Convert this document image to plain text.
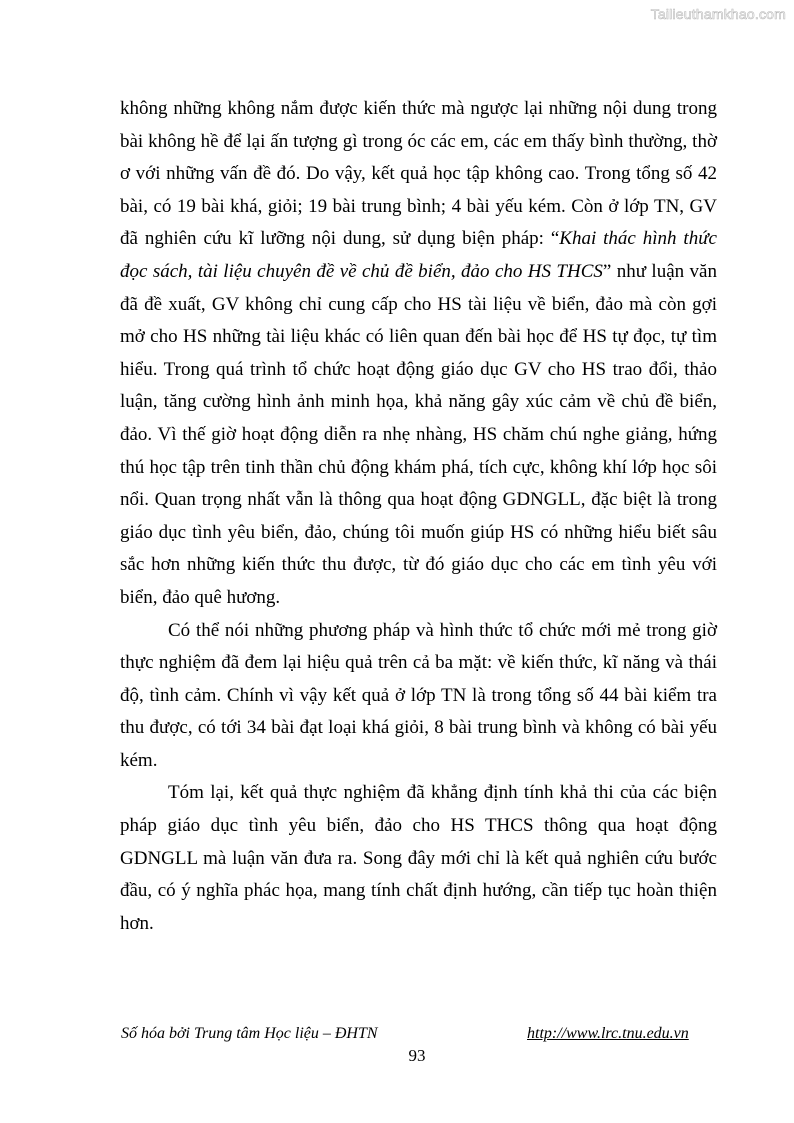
Tailieuthamkhao.com

không những không nắm được kiến thức mà ngược lại những nội dung trong bài không hề để lại ấn tượng gì trong óc các em, các em thấy bình thường, thờ ơ với những vấn đề đó. Do vậy, kết quả học tập không cao. Trong tổng số 42 bài, có 19 bài khá, giỏi; 19 bài trung bình; 4 bài yếu kém. Còn ở lớp TN, GV đã nghiên cứu kĩ lưỡng nội dung, sử dụng biện pháp: “Khai thác hình thức đọc sách, tài liệu chuyên đề về chủ đề biển, đảo cho HS THCS” như luận văn đã đề xuất, GV không chỉ cung cấp cho HS tài liệu về biển, đảo mà còn gợi mở cho HS những tài liệu khác có liên quan đến bài học để HS tự đọc, tự tìm hiểu. Trong quá trình tổ chức hoạt động giáo dục GV cho HS trao đổi, thảo luận, tăng cường hình ảnh minh họa, khả năng gây xúc cảm về chủ đề biển, đảo. Vì thế giờ hoạt động diễn ra nhẹ nhàng, HS chăm chú nghe giảng, hứng thú học tập trên tinh thần chủ động khám phá, tích cực, không khí lớp học sôi nổi. Quan trọng nhất vẫn là thông qua hoạt động GDNGLL, đặc biệt là trong giáo dục tình yêu biển, đảo, chúng tôi muốn giúp HS có những hiểu biết sâu sắc hơn những kiến thức thu được, từ đó giáo dục cho các em tình yêu với biển, đảo quê hương.

Có thể nói những phương pháp và hình thức tổ chức mới mẻ trong giờ thực nghiệm đã đem lại hiệu quả trên cả ba mặt: về kiến thức, kĩ năng và thái độ, tình cảm. Chính vì vậy kết quả ở lớp TN là trong tổng số 44 bài kiểm tra thu được, có tới 34 bài đạt loại khá giỏi, 8 bài trung bình và không có bài yếu kém.

Tóm lại, kết quả thực nghiệm đã khẳng định tính khả thi của các biện pháp giáo dục tình yêu biển, đảo cho HS THCS thông qua hoạt động GDNGLL mà luận văn đưa ra. Song đây mới chỉ là kết quả nghiên cứu bước đầu, có ý nghĩa phác họa, mang tính chất định hướng, cần tiếp tục hoàn thiện hơn.

Số hóa bởi Trung tâm Học liệu – ĐHTN	http://www.lrc.tnu.edu.vn
93
